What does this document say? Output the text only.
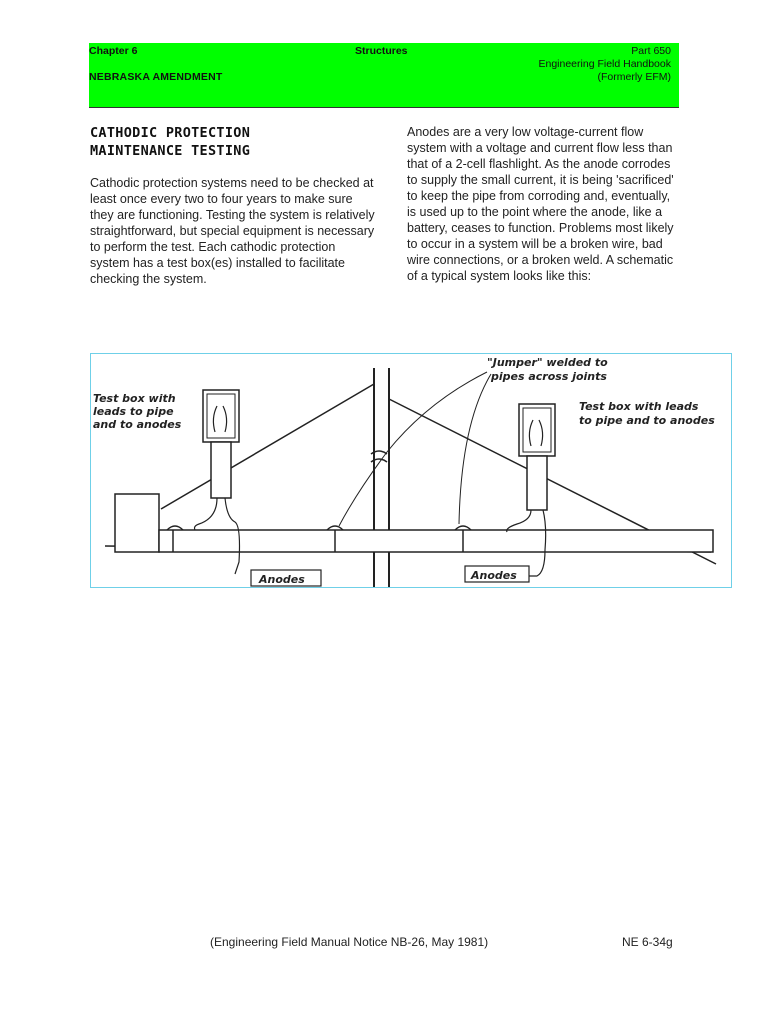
Chapter 6
NEBRASKA AMENDMENT
Structures	Part 650
Engineering Field Handbook
(Formerly EFM)
CATHODIC PROTECTION
MAINTENANCE TESTING
Cathodic protection systems need to be checked at least once every two to four years to make sure they are functioning. Testing the system is relatively straightforward, but special equipment is necessary to perform the test. Each cathodic protection system has a test box(es) installed to facilitate checking the system.
Anodes are a very low voltage-current flow system with a voltage and current flow less than that of a 2-cell flashlight. As the anode corrodes to supply the small current, it is being 'sacrificed' to keep the pipe from corroding and, eventually, is used up to the point where the anode, like a battery, ceases to function. Problems most likely to occur in a system will be a broken wire, bad wire connections, or a broken weld. A schematic of a typical system looks like this:
Test box with leads to pipe and to anodes
"Jumper" welded to pipes across joints
Test box with leads to pipe and to anodes
Anodes	Anodes
(Engineering Field Manual Notice NB-26, May 1981)	NE 6-34g
